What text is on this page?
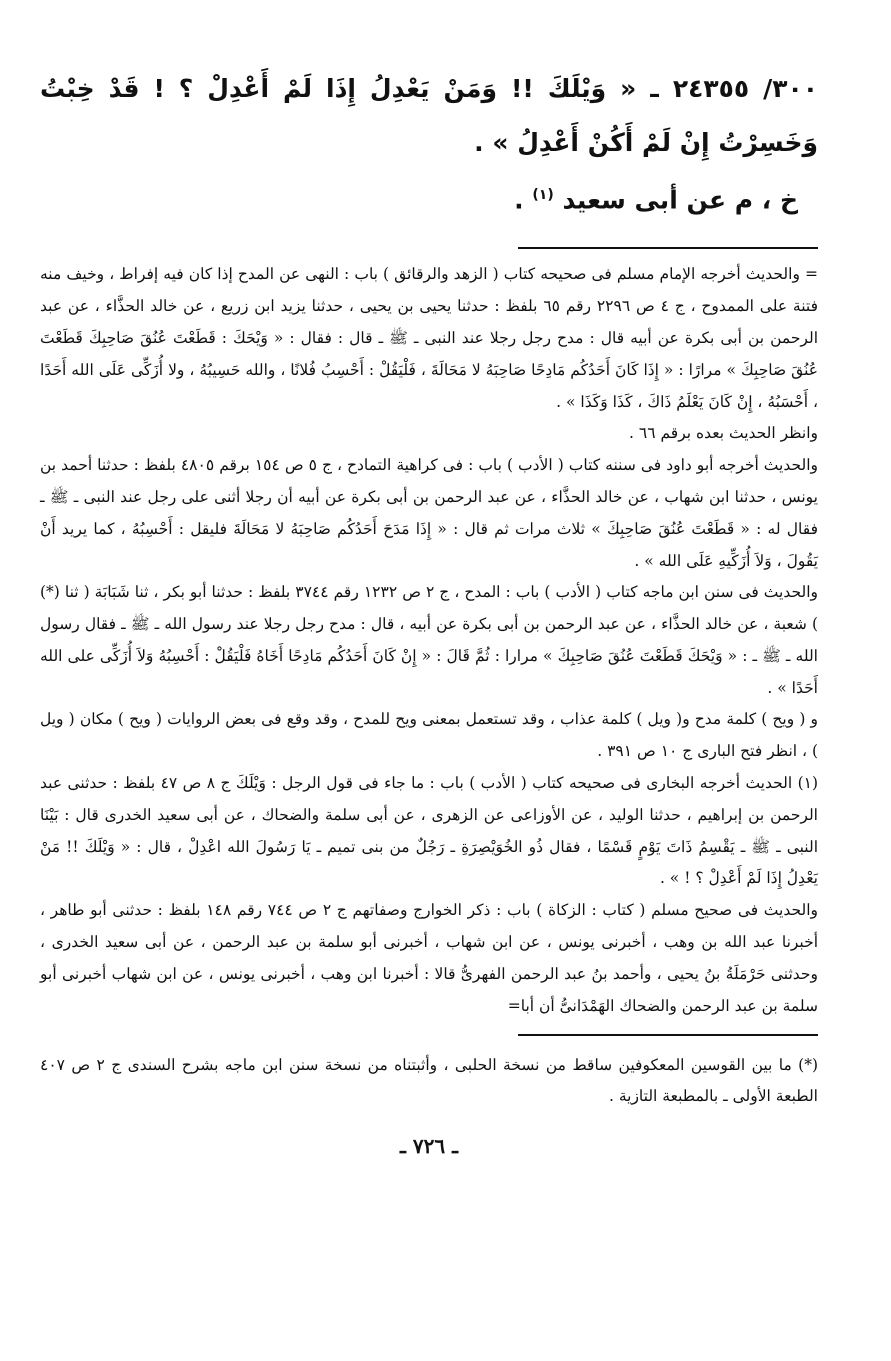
٣٠٠/ ٢٤٣٥٥ ـ « وَيْلَكَ !! وَمَنْ يَعْدِلُ إِذَا لَمْ أَعْدِلْ ؟ ! قَدْ خِبْتُ وَخَسِرْتُ إِنْ لَمْ أَكُنْ أَعْدِلُ » .

خ ، م عن أبى سعيد $^{(١)}$ .

= والحديث أخرجه الإمام مسلم فى صحيحه كتاب ( الزهد والرقائق ) باب : النهى عن المدح إذا كان فيه إفراط ، وخيف منه فتنة على الممدوح ، ج ٤ ص ٢٢٩٦ رقم ٦٥ بلفظ : حدثنا يحيى بن يحيى ، حدثنا يزيد ابن زريع ، عن خالد الحذَّاء ، عن عبد الرحمن بن أبى بكرة عن أبيه قال : مدح رجل رجلا عند النبى ـ ﷺ ـ قال : فقال : « وَيْحَكَ : قَطَعْتَ عُنُقَ صَاحِبِكَ قَطَعْتَ عُنُقَ صَاحِبِكَ » مرارًا : « إِذَا كَانَ أَحَدُكُم مَادِحًا صَاحِبَهُ لا مَحَالَةَ ، فَلْيَقُلْ : أَحْسِبُ فُلانًا ، والله حَسِيبُهُ ، ولا أُزَكِّى عَلَى الله أَحَدًا ، أَحْسَبُهُ ، إِنْ كَانَ يَعْلَمُ ذَاكَ ، كَذَا وَكَذَا » .

وانظر الحديث بعده برقم ٦٦ .

والحديث أخرجه أبو داود فى سننه كتاب ( الأدب ) باب : فى كراهية التمادح ، ج ٥ ص ١٥٤ برقم ٤٨٠٥ بلفظ : حدثنا أحمد بن يونس ، حدثنا ابن شهاب ، عن خالد الحذَّاء ، عن عبد الرحمن بن أبى بكرة عن أبيه أن رجلا أثنى على رجل عند النبى ـ ﷺ ـ فقال له : « قَطَعْتَ عُنُقَ صَاحِبِكَ » ثلاث مرات ثم قال : « إِذَا مَدَحَ أَحَدُكُم صَاحِبَهُ لا مَحَالَةَ فليقل : أَحْسِبُهُ ، كما يريد أَنْ يَقُولَ ، وَلاَ أُزَكِّيهِ عَلَى الله » .

والحديث فى سنن ابن ماجه كتاب ( الأدب ) باب : المدح ، ج ٢ ص ١٢٣٢ رقم ٣٧٤٤ بلفظ : حدثنا أبو بكر ، ثنا شَبَابَة ( ثنا (*) ) شعبة ، عن خالد الحذَّاء ، عن عبد الرحمن بن أبى بكرة عن أبيه ، قال : مدح رجل رجلا عند رسول الله ـ ﷺ ـ فقال رسول الله ـ ﷺ ـ : « وَيْحَكَ قَطَعْتَ عُنُقَ صَاحِبِكَ » مرارا : ثُمَّ قَالَ : « إِنْ كَانَ أَحَدُكُم مَادِحًا أَخَاهُ فَلْيَقُلْ : أَحْسِبُهُ وَلاَ أُزَكِّى على الله أَحَدًا » .

و ( ويح ) كلمة مدح و( ويل ) كلمة عذاب ، وقد تستعمل بمعنى ويح للمدح ، وقد وقع فى بعض الروايات ( ويح ) مكان ( ويل ) ، انظر فتح البارى ج ١٠ ص ٣٩١ .

(١) الحديث أخرجه البخارى فى صحيحه كتاب ( الأدب ) باب : ما جاء فى قول الرجل : وَيْلَكَ ج ٨ ص ٤٧ بلفظ : حدثنى عبد الرحمن بن إبراهيم ، حدثنا الوليد ، عن الأوزاعى عن الزهرى ، عن أبى سلمة والضحاك ، عن أبى سعيد الخدرى قال : بَيْنَا النبى ـ ﷺ ـ يَقْسِمُ ذَاتَ يَوْمٍ قَسْمًا ، فقال ذُو الخُوَيْصِرَةِ ـ رَجُلٌ من بنى تميم ـ يَا رَسُولَ الله اعْدِلْ ، قال : « وَيْلَكَ !! مَنْ يَعْدِلُ إِذَا لَمْ أَعْدِلْ ؟ ! » .

والحديث فى صحيح مسلم ( كتاب : الزكاة ) باب : ذكر الخوارج وصفاتهم ج ٢ ص ٧٤٤ رقم ١٤٨ بلفظ : حدثنى أبو طاهر ، أخبرنا عبد الله بن وهب ، أخبرنى يونس ، عن ابن شهاب ، أخبرنى أبو سلمة بن عبد الرحمن ، عن أبى سعيد الخدرى ، وحدثنى حَرْمَلَةُ بنُ يحيى ، وأحمد بنُ عبد الرحمن الفهرىُّ قالا : أخبرنا ابن وهب ، أخبرنى يونس ، عن ابن شهاب أخبرنى أبو سلمة بن عبد الرحمن والضحاك الهَمْدَانىُّ أن أبا=

(*) ما بين القوسين المعكوفين ساقط من نسخة الحلبى ، وأثبتناه من نسخة سنن ابن ماجه بشرح السندى ج ٢ ص ٤٠٧ الطبعة الأولى ـ بالمطبعة التازية .

ـ ٧٢٦ ـ
